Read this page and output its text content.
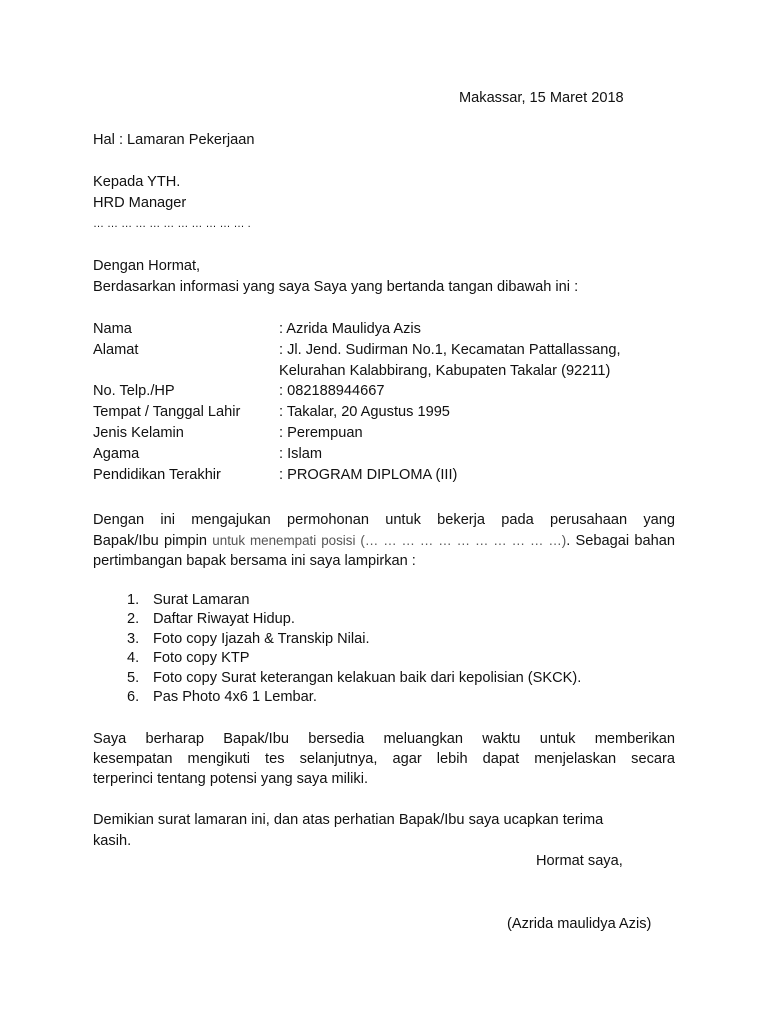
Makassar, 15 Maret 2018
Hal : Lamaran Pekerjaan
Kepada YTH.
HRD Manager
… … … … … … … … … … … .
Dengan Hormat,
Berdasarkan informasi yang saya Saya yang bertanda tangan dibawah ini :
Nama	: Azrida Maulidya Azis
Alamat	: Jl. Jend. Sudirman No.1, Kecamatan Pattallassang,
Kelurahan Kalabbirang, Kabupaten Takalar (92211)
No. Telp./HP	: 082188944667
Tempat / Tanggal Lahir	: Takalar, 20 Agustus 1995
Jenis Kelamin	: Perempuan
Agama	: Islam
Pendidikan Terakhir	: PROGRAM DIPLOMA (III)
Dengan ini mengajukan permohonan untuk bekerja pada perusahaan yang
Bapak/Ibu pimpin untuk menempati posisi (… … … … … … … … … … …). Sebagai bahan
pertimbangan bapak bersama ini saya lampirkan :
1. Surat Lamaran
2. Daftar Riwayat Hidup.
3. Foto copy Ijazah & Transkip Nilai.
4. Foto copy KTP
5. Foto copy Surat keterangan kelakuan baik dari kepolisian (SKCK).
6. Pas Photo 4x6 1 Lembar.
Saya berharap Bapak/Ibu bersedia meluangkan waktu untuk memberikan
kesempatan mengikuti tes selanjutnya, agar lebih dapat menjelaskan secara
terperinci tentang potensi yang saya miliki.
Demikian surat lamaran ini, dan atas perhatian Bapak/Ibu saya ucapkan terima
kasih.
Hormat saya,
(Azrida maulidya Azis)
